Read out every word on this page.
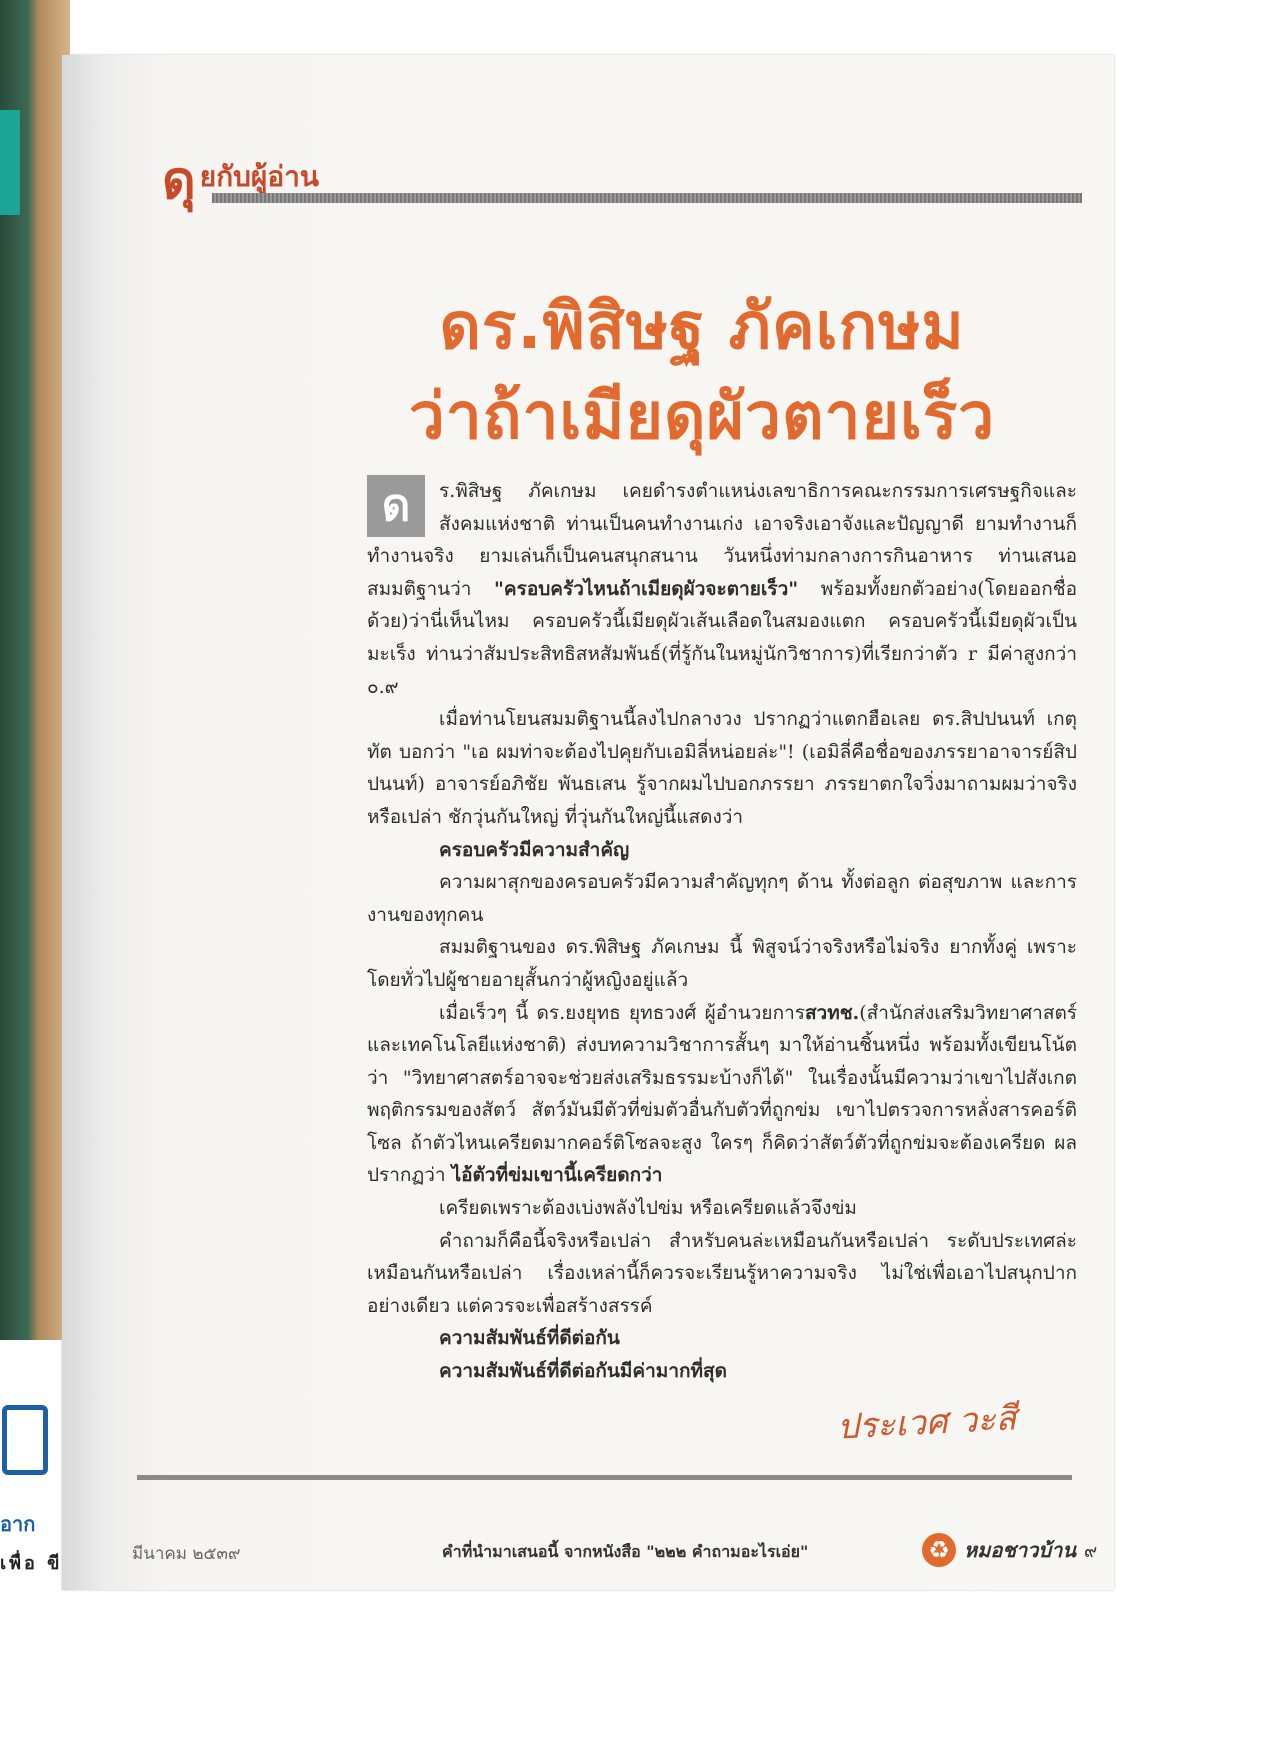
อาก
เพื่อ ขี
ดุ ยกับผู้อ่าน
ดร.พิสิษฐ ภัคเกษม
ว่าถ้าเมียดุผัวตายเร็ว

ด	ร.พิสิษฐ ภัคเกษม เคยดำรงตำแหน่งเลขาธิการคณะกรรมการเศรษฐกิจและสังคมแห่งชาติ ท่านเป็นคนทำงานเก่ง เอาจริงเอาจังและปัญญาดี ยามทำงานก็ทำงานจริง ยามเล่นก็เป็นคนสนุกสนาน วันหนึ่งท่ามกลางการกินอาหาร ท่านเสนอสมมติฐานว่า "ครอบครัวไหนถ้าเมียดุผัวจะตายเร็ว" พร้อมทั้งยกตัวอย่าง(โดยออกชื่อด้วย)ว่านี่เห็นไหม ครอบครัวนี้เมียดุผัวเส้นเลือดในสมองแตก ครอบครัวนี้เมียดุผัวเป็นมะเร็ง ท่านว่าสัมประสิทธิสหสัมพันธ์(ที่รู้กันในหมู่นักวิชาการ)ที่เรียกว่าตัว r มีค่าสูงกว่า ๐.๙

เมื่อท่านโยนสมมติฐานนี้ลงไปกลางวง ปรากฏว่าแตกฮือเลย ดร.สิปปนนท์ เกตุทัต บอกว่า "เอ ผมท่าจะต้องไปคุยกับเอมิลี่หน่อยล่ะ"! (เอมิลี่คือชื่อของภรรยาอาจารย์สิปปนนท์) อาจารย์อภิชัย พันธเสน รู้จากผมไปบอกภรรยา ภรรยาตกใจวิ่งมาถามผมว่าจริงหรือเปล่า ชักวุ่นกันใหญ่ ที่วุ่นกันใหญ่นี้แสดงว่า

ครอบครัวมีความสำคัญ

ความผาสุกของครอบครัวมีความสำคัญทุกๆ ด้าน ทั้งต่อลูก ต่อสุขภาพ และการงานของทุกคน

สมมติฐานของ ดร.พิสิษฐ ภัคเกษม นี้ พิสูจน์ว่าจริงหรือไม่จริง ยากทั้งคู่ เพราะโดยทั่วไปผู้ชายอายุสั้นกว่าผู้หญิงอยู่แล้ว

เมื่อเร็วๆ นี้ ดร.ยงยุทธ ยุทธวงศ์ ผู้อำนวยการสวทช.(สำนักส่งเสริมวิทยาศาสตร์และเทคโนโลยีแห่งชาติ) ส่งบทความวิชาการสั้นๆ มาให้อ่านชิ้นหนึ่ง พร้อมทั้งเขียนโน้ตว่า "วิทยาศาสตร์อาจจะช่วยส่งเสริมธรรมะบ้างก็ได้" ในเรื่องนั้นมีความว่าเขาไปสังเกตพฤติกรรมของสัตว์ สัตว์มันมีตัวที่ข่มตัวอื่นกับตัวที่ถูกข่ม เขาไปตรวจการหลั่งสารคอร์ติโซล ถ้าตัวไหนเครียดมากคอร์ติโซลจะสูง ใครๆ ก็คิดว่าสัตว์ตัวที่ถูกข่มจะต้องเครียด ผลปรากฏว่า ไอ้ตัวที่ข่มเขานี้เครียดกว่า

เครียดเพราะต้องเบ่งพลังไปข่ม หรือเครียดแล้วจึงข่ม

คำถามก็คือนี้จริงหรือเปล่า สำหรับคนล่ะเหมือนกันหรือเปล่า ระดับประเทศล่ะเหมือนกันหรือเปล่า เรื่องเหล่านี้ก็ควรจะเรียนรู้หาความจริง ไม่ใช่เพื่อเอาไปสนุกปากอย่างเดียว แต่ควรจะเพื่อสร้างสรรค์

ความสัมพันธ์ที่ดีต่อกัน

ความสัมพันธ์ที่ดีต่อกันมีค่ามากที่สุด

ประเวศ วะสี
มีนาคม ๒๕๓๙	คำที่นำมาเสนอนี้ จากหนังสือ "๒๒๒ คำถามอะไรเอ่ย"	♻ หมอชาวบ้าน ๙
